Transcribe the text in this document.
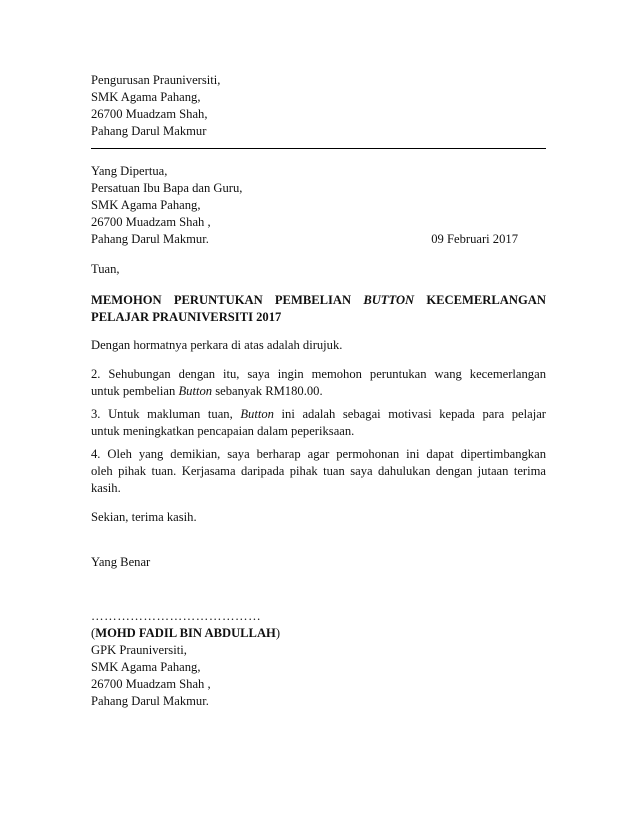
Pengurusan Prauniversiti,
SMK Agama Pahang,
26700 Muadzam Shah,
Pahang Darul Makmur
Yang Dipertua,
Persatuan Ibu Bapa dan Guru,
SMK Agama Pahang,
26700 Muadzam Shah ,
Pahang Darul Makmur.	09 Februari 2017
Tuan,
MEMOHON PERUNTUKAN PEMBELIAN BUTTON KECEMERLANGAN
PELAJAR PRAUNIVERSITI 2017
Dengan hormatnya perkara di atas adalah dirujuk.
2. Sehubungan dengan itu, saya ingin memohon peruntukan wang kecemerlangan
untuk pembelian Button sebanyak RM180.00.
3. Untuk makluman tuan, Button ini adalah sebagai motivasi kepada para pelajar
untuk meningkatkan pencapaian dalam peperiksaan.
4. Oleh yang demikian, saya berharap agar permohonan ini dapat dipertimbangkan
oleh pihak tuan. Kerjasama daripada pihak tuan saya dahulukan dengan jutaan terima
kasih.
Sekian, terima kasih.
Yang Benar
…………………………………
(MOHD FADIL BIN ABDULLAH)
GPK Prauniversiti,
SMK Agama Pahang,
26700 Muadzam Shah ,
Pahang Darul Makmur.
